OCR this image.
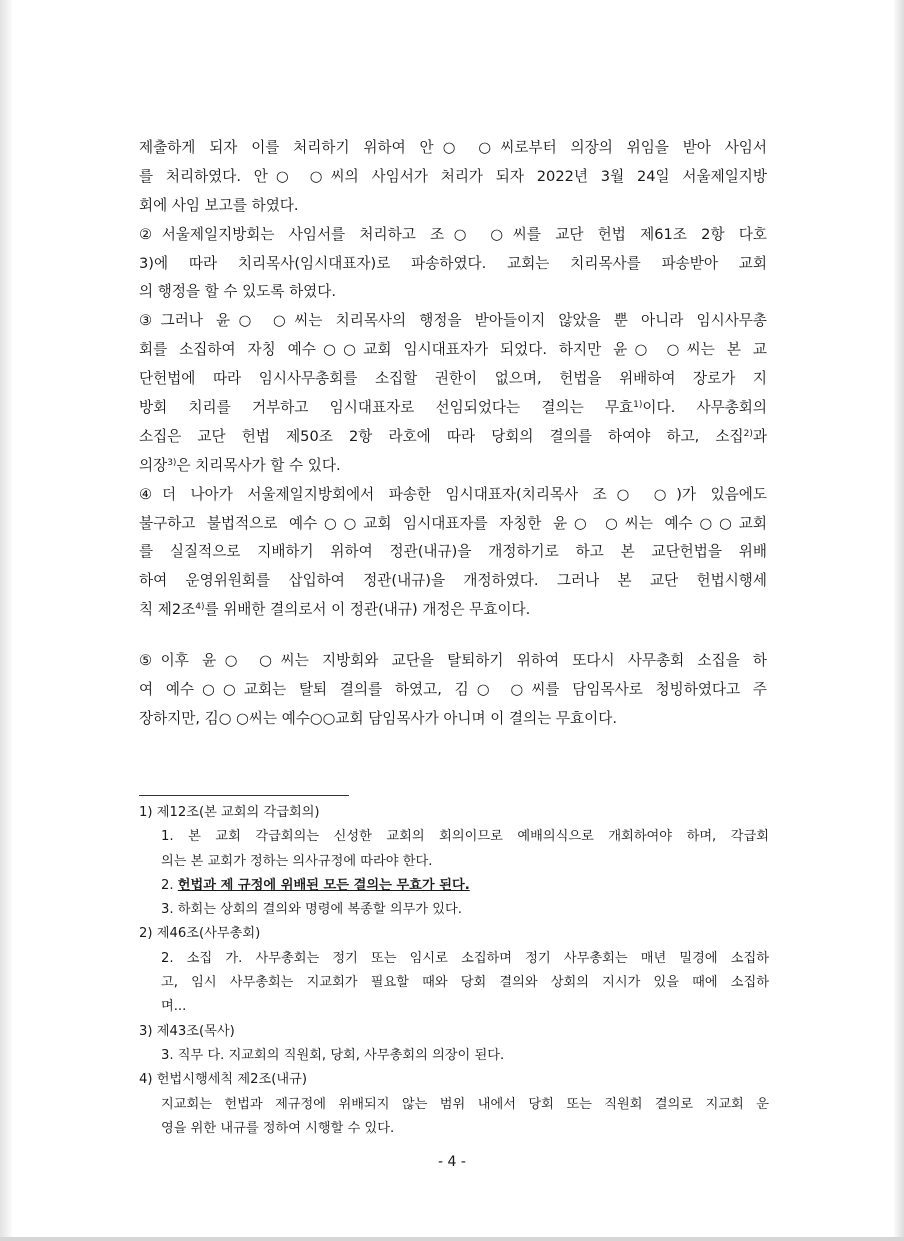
제출하게 되자 이를 처리하기 위하여 안○ ○씨로부터 의장의 위임을 받아 사임서
를 처리하였다. 안○ ○씨의 사임서가 처리가 되자 2022년 3월 24일 서울제일지방
회에 사임 보고를 하였다.
②서울제일지방회는 사임서를 처리하고 조○ ○씨를 교단 헌법 제61조 2항 다호
3)에 따라 치리목사(임시대표자)로 파송하였다. 교회는 치리목사를 파송받아 교회
의 행정을 할 수 있도록 하였다.
③그러나 윤○ ○씨는 치리목사의 행정을 받아들이지 않았을 뿐 아니라 임시사무총
회를 소집하여 자칭 예수○○교회 임시대표자가 되었다. 하지만 윤○ ○씨는 본 교
단헌법에 따라 임시사무총회를 소집할 권한이 없으며, 헌법을 위배하여 장로가 지
방회 치리를 거부하고 임시대표자로 선임되었다는 결의는 무효$^{1)}$이다. 사무총회의
소집은 교단 헌법 제50조 2항 라호에 따라 당회의 결의를 하여야 하고, 소집$^{2)}$과
의장$^{3)}$은 치리목사가 할 수 있다.
④더 나아가 서울제일지방회에서 파송한 임시대표자(치리목사 조○ ○)가 있음에도
불구하고 불법적으로 예수○○교회 임시대표자를 자칭한 윤○ ○씨는 예수○○교회
를 실질적으로 지배하기 위하여 정관(내규)을 개정하기로 하고 본 교단헌법을 위배
하여 운영위원회를 삽입하여 정관(내규)을 개정하였다. 그러나 본 교단 헌법시행세
칙 제2조$^{4)}$를 위배한 결의로서 이 정관(내규) 개정은 무효이다.
⑤이후 윤○ ○씨는 지방회와 교단을 탈퇴하기 위하여 또다시 사무총회 소집을 하
여 예수○○교회는 탈퇴 결의를 하였고, 김○ ○씨를 담임목사로 청빙하였다고 주
장하지만, 김○ ○씨는 예수○○교회 담임목사가 아니며 이 결의는 무효이다.
1) 제12조(본 교회의 각급회의)
1. 본 교회 각급회의는 신성한 교회의 회의이므로 예배의식으로 개회하여야 하며, 각급회
의는 본 교회가 정하는 의사규정에 따라야 한다.
2. 헌법과 제 규정에 위배된 모든 결의는 무효가 된다.
3. 하회는 상회의 결의와 명령에 복종할 의무가 있다.
2) 제46조(사무총회)
2. 소집 가. 사무총회는 정기 또는 임시로 소집하며 정기 사무총회는 매년 밀경에 소집하
고, 임시 사무총회는 지교회가 필요할 때와 당회 결의와 상회의 지시가 있을 때에 소집하
며...
3) 제43조(목사)
3. 직무 다. 지교회의 직원회, 당회, 사무총회의 의장이 된다.
4) 헌법시행세칙 제2조(내규)
지교회는 헌법과 제규정에 위배되지 않는 범위 내에서 당회 또는 직원회 결의로 지교회 운
영을 위한 내규를 정하여 시행할 수 있다.
- 4 -
